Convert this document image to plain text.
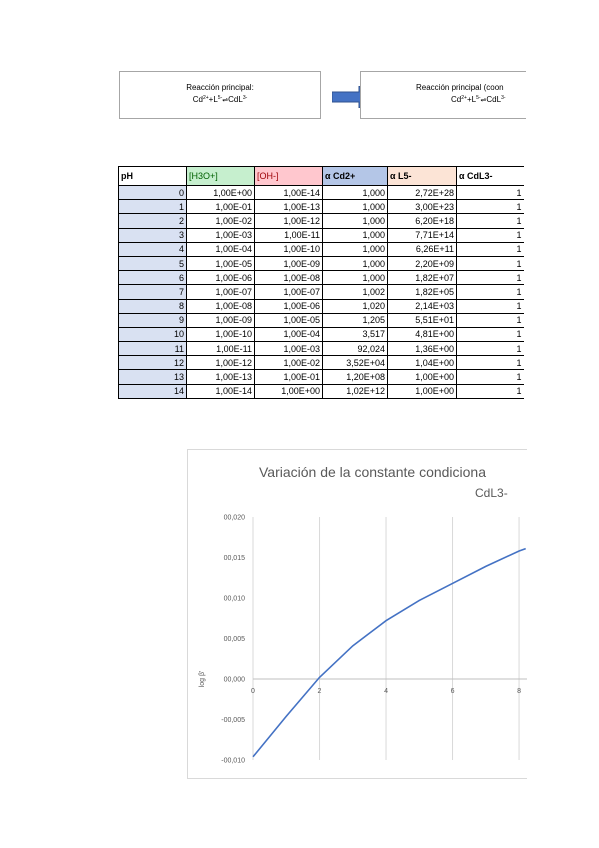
Reacción principal:
$Cd^{2+}+L^{5-}\rightleftharpoons CdL^{3-}$
Reacción principal (coon
$Cd^{2+}+L^{5-}\rightleftharpoons CdL^{3-}$
pH	[H3O+]	[OH-]	α Cd2+	α L5-	α CdL3-
0	1,00E+00	1,00E-14	1,000	2,72E+28	1
1	1,00E-01	1,00E-13	1,000	3,00E+23	1
2	1,00E-02	1,00E-12	1,000	6,20E+18	1
3	1,00E-03	1,00E-11	1,000	7,71E+14	1
4	1,00E-04	1,00E-10	1,000	6,26E+11	1
5	1,00E-05	1,00E-09	1,000	2,20E+09	1
6	1,00E-06	1,00E-08	1,000	1,82E+07	1
7	1,00E-07	1,00E-07	1,002	1,82E+05	1
8	1,00E-08	1,00E-06	1,020	2,14E+03	1
9	1,00E-09	1,00E-05	1,205	5,51E+01	1
10	1,00E-10	1,00E-04	3,517	4,81E+00	1
11	1,00E-11	1,00E-03	92,024	1,36E+00	1
12	1,00E-12	1,00E-02	3,52E+04	1,04E+00	1
13	1,00E-13	1,00E-01	1,20E+08	1,00E+00	1
14	1,00E-14	1,00E+00	1,02E+12	1,00E+00	1
Variación de la constante condiciona
CdL3-
0	2	4	6	8
00,020
00,015
00,010
00,005
00,000
-00,005
-00,010
log β'
